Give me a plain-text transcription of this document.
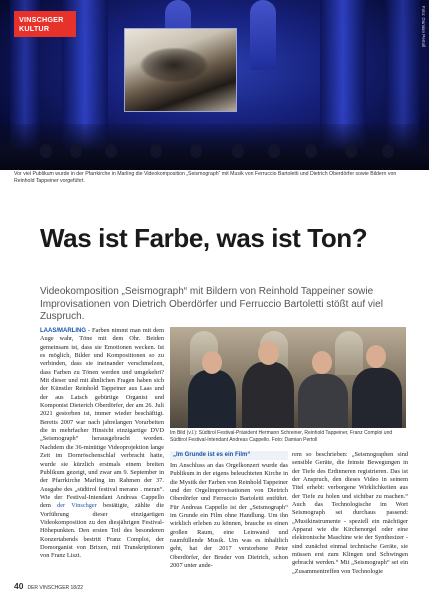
VINSCHGER KULTUR	Foto: Damian Pertoll
Vor viel Publikum wurde in der Pfarrkirche in Marling die Videokomposition „Seismograph“ mit Musik von Ferruccio Bartoletti und Dietrich Oberdörfer sowie Bildern von Reinhold Tappeiner vorgeführt.
Was ist Farbe, was ist Ton?

Videokomposition „Seismograph“ mit Bildern von Reinhold Tappeiner sowie Improvisationen von Dietrich Oberdörfer und Ferruccio Bartoletti stößt auf viel Zuspruch.

LAAS/MARLING - Farben nimmt man mit dem Auge wahr, Töne mit dem Ohr. Beiden gemeinsam ist, dass sie Emotionen wecken. Ist es möglich, Bilder und Kompositionen so zu verbinden, dass sie ineinander verschmelzen, dass Farben zu Tönen werden und umgekehrt? Mit dieser und mit ähnlichen Fragen haben sich der Künstler Reinhold Tappeiner aus Laas und der aus Latsch gebürtige Organist und Komponist Dieterich Oberdörfer, der am 26. Juli 2021 gestorben ist, immer wieder beschäftigt. Bereits 2007 war nach jahrelangen Vorarbeiten die in mehrfacher Hinsicht einzigartige DVD „Seismograph“ herausgebracht worden. Nachdem die 36-minütige Videoprojektion lange Zeit im Dornröschenschlaf verbracht hatte, wurde sie kürzlich erstmals einem breiten Publikum gezeigt, und zwar am 9. September in der Pfarrkirche Marling im Rahmen der 37. Ausgabe des „südtirol festival merano . meran“. Wie der Festival-Intendant Andreas Cappello dem der Vinschger bestätigte, zählte die Vorführung dieser einzigartigen Videokomposition zu den diesjährigen Festival-Höhepunkten. Den ersten Teil des besonderen Konzertabends bestritt Franz Comploi, der Domorganist von Brixen, mit Transkriptionen von Franz Liszt.
Im Bild (v.l.): Südtirol Festival-Präsident Hermann Schreiner, Reinhold Tappeiner, Franz Comploi und Südtirol Festival-Intendant Andreas Cappello. Foto: Damian Pertoll
„Im Grunde ist es ein Film“
Im Anschluss an das Orgelkonzert wurde das Publikum in der eigens beleuchteten Kirche in die Mystik der Farben von Reinhold Tappeiner und der Orgelimprovisationen von Dietrich Oberdörfer und Ferruccio Bartoletti entführt. Für Andreas Cappello ist der „Seismograph“ im Grunde ein Film ohne Handlung. Um ihn wirklich erleben zu können, brauche es einen großen Raum, eine Leinwand und raumfüllende Musik. Um was es inhaltlich geht, hat der 2017 verstorbene Peter Oberdörfer, der Bruder von Dietrich, schon 2007 unter ande-
rem so beschrieben: „Seismographen sind sensible Geräte, die feinste Bewegungen in der Tiefe des Erdinneren registrieren. Das ist der Anspruch, den dieses Video in seinem Titel erhebt: verborgene Wirklichkeiten aus der Tiefe zu holen und sichtbar zu machen.“ Auch das Technologische im Wort Seismograph sei durchaus passend: „Musikinstrumente - speziell ein mächtiger Apparat wie die Kirchenorgel oder eine elektronische Maschine wie der Synthesizer - sind zunächst einmal technische Geräte, sie müssen erst zum Klingen und Schwingen gebracht werden.“ Mit „Seismograph“ sei ein „Zusammentreffen von Technologie
40 DER VINSCHGER 18/22
